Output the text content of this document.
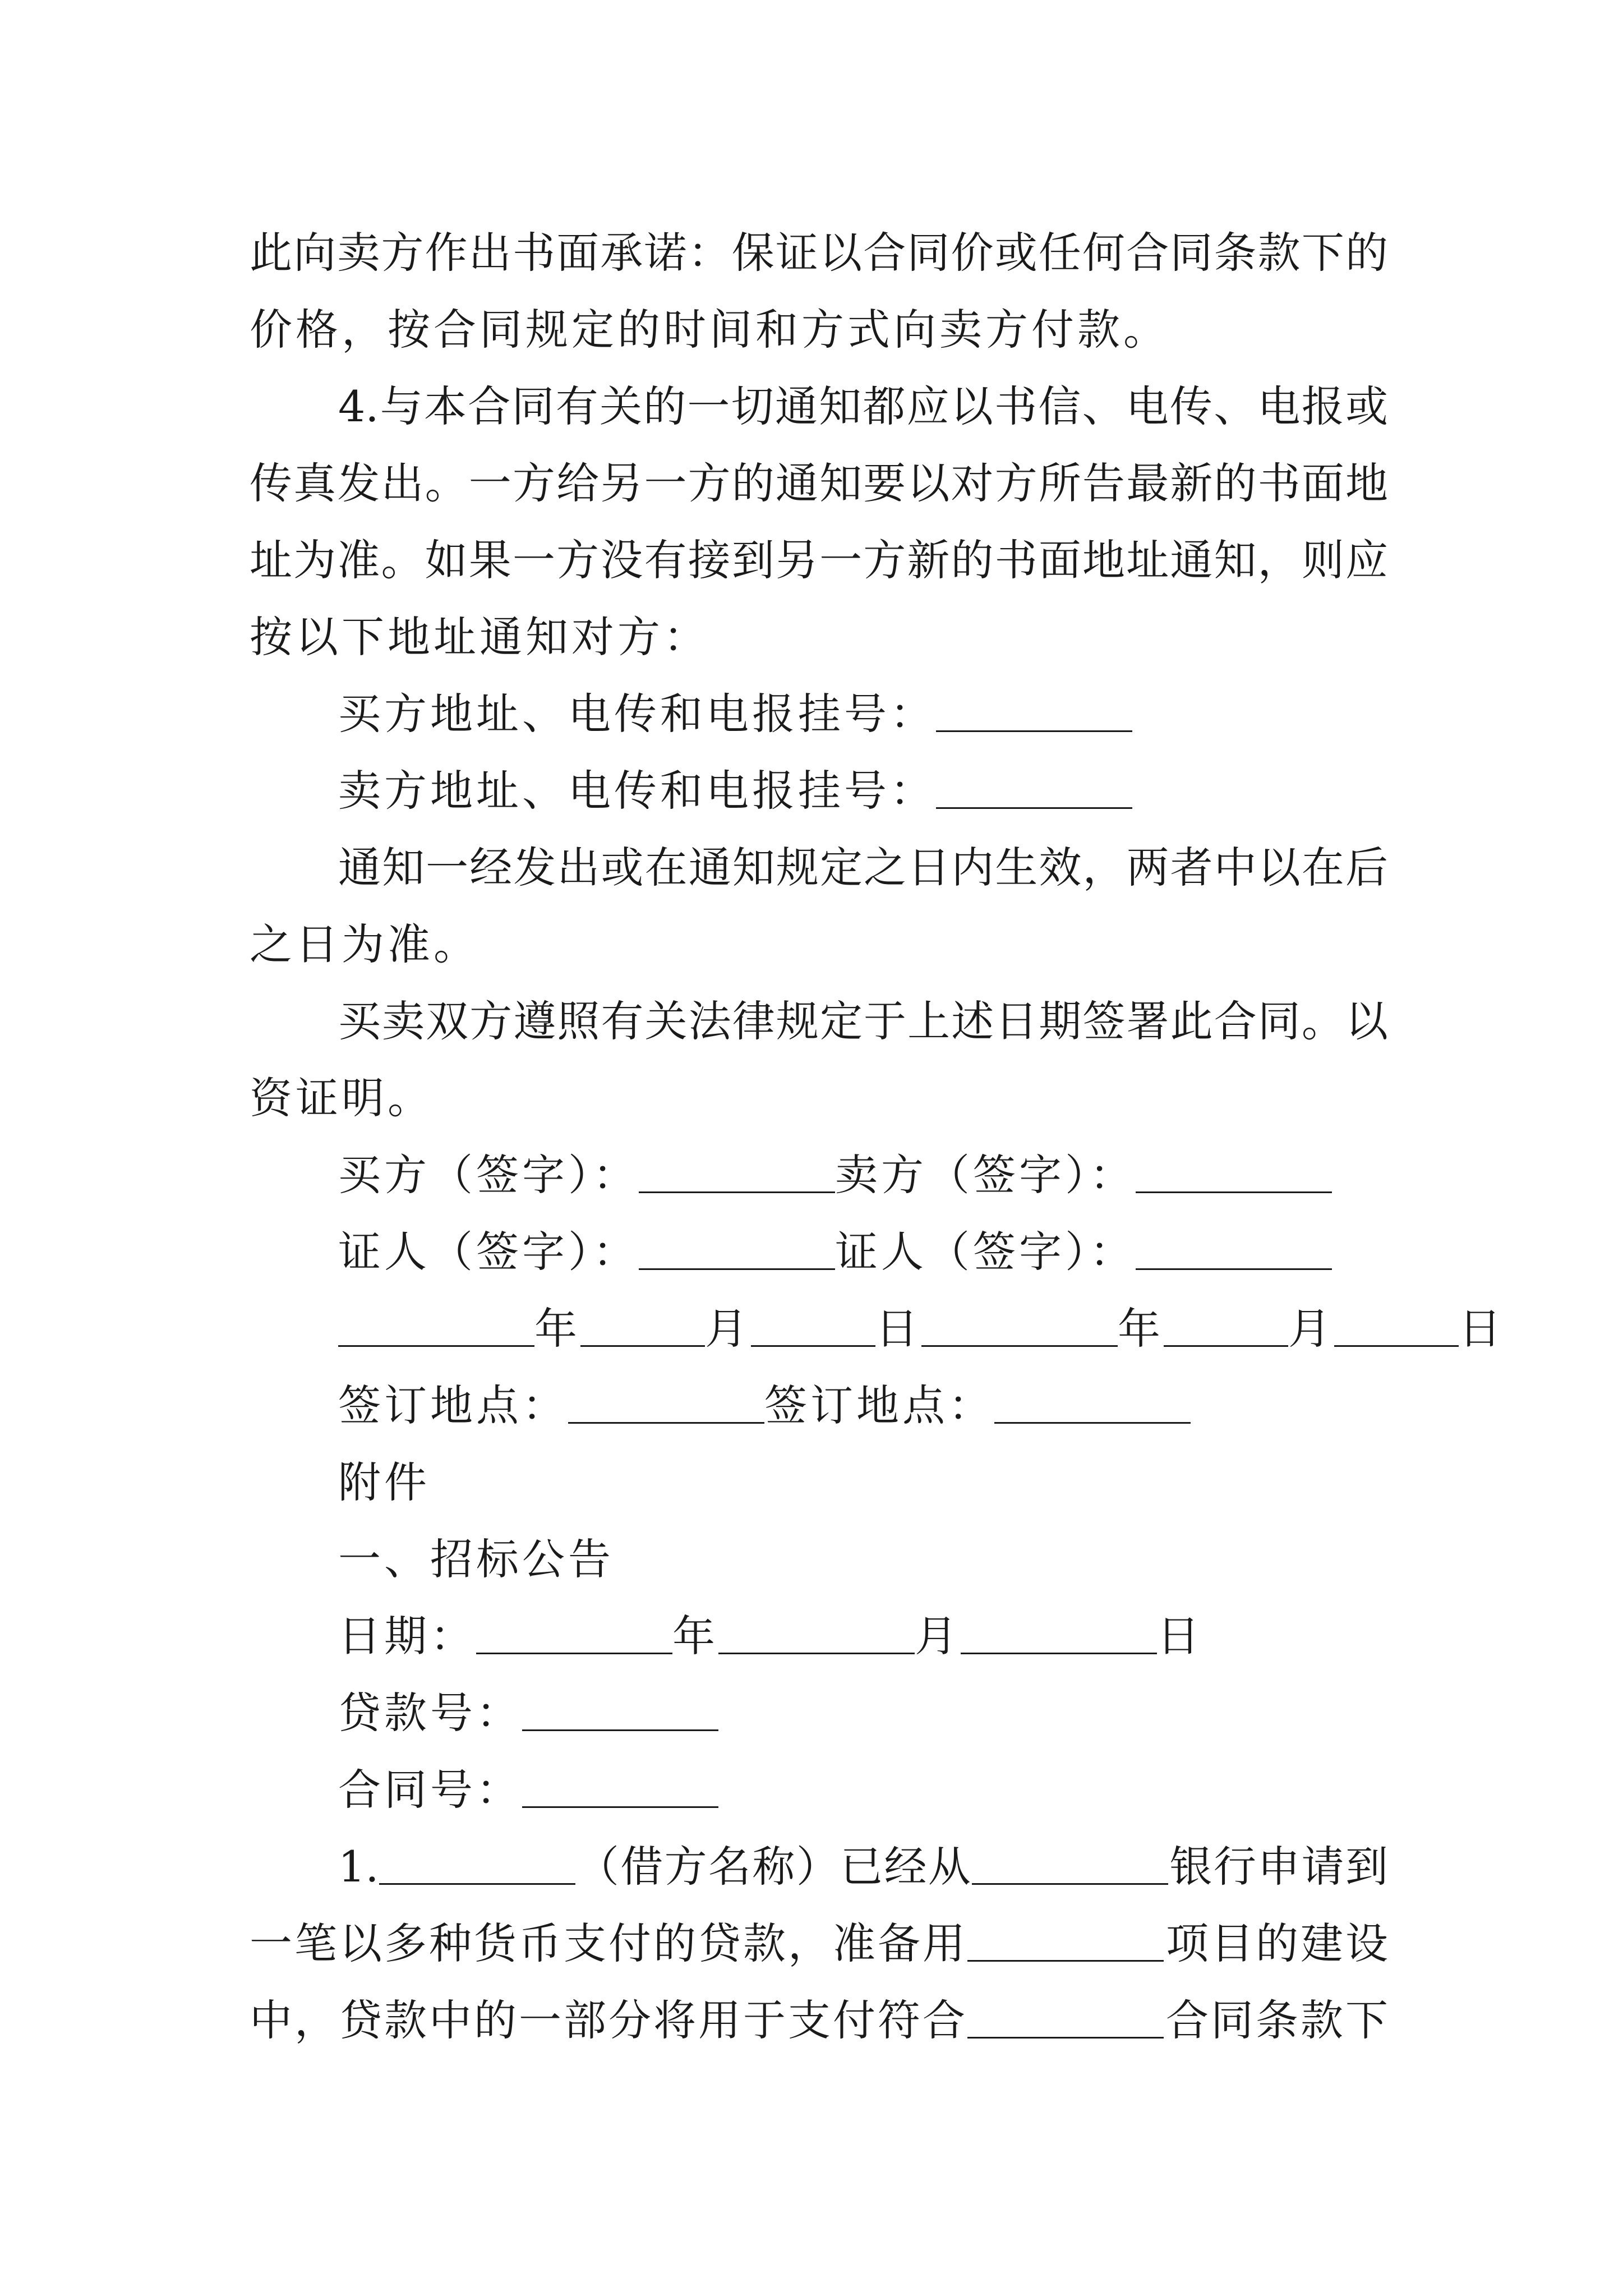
此向卖方作出书面承诺：保证以合同价或任何合同条款下的
价格，按合同规定的时间和方式向卖方付款。
4.与本合同有关的一切通知都应以书信、电传、电报或
传真发出。一方给另一方的通知要以对方所告最新的书面地
址为准。如果一方没有接到另一方新的书面地址通知，则应
按以下地址通知对方：
买方地址、电传和电报挂号：
卖方地址、电传和电报挂号：
通知一经发出或在通知规定之日内生效，两者中以在后
之日为准。
买卖双方遵照有关法律规定于上述日期签署此合同。以
资证明。
买方（签字）：	卖方（签字）：
证人（签字）：	证人（签字）：
年	月	日	年	月	日
签订地点：	签订地点：
附件
一、招标公告
日期：	年	月	日
贷款号：
合同号：
1.	（借方名称）已经从	银行申请到
一笔以多种货币支付的贷款，准备用	项目的建设
中，贷款中的一部分将用于支付符合	合同条款下
